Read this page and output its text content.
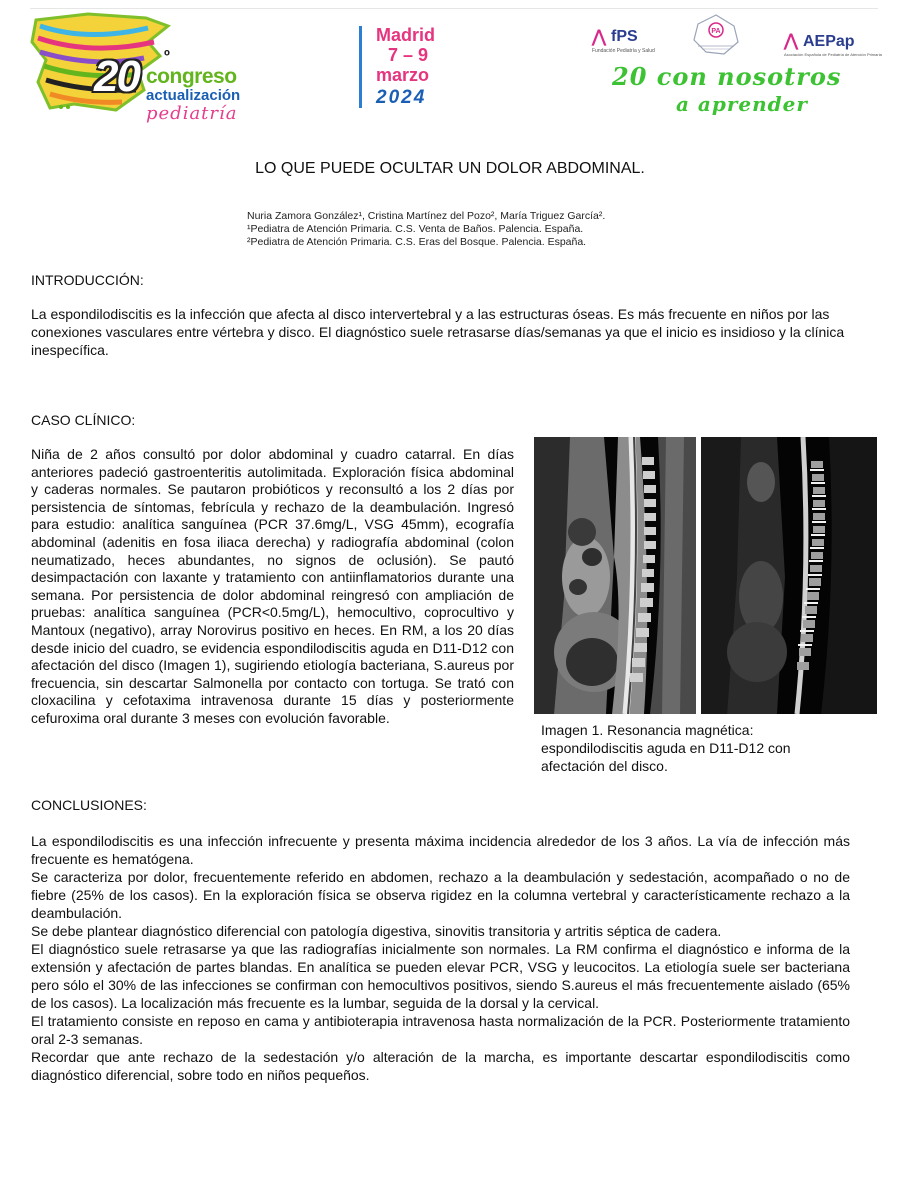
20 º
congreso
actualización
pediatría
Madrid
7 – 9
marzo
2024
⋀ fPS
Fundación Pediatría y Salud
PA	⋀ AEPap
Asociación Española de Pediatría de Atención Primaria
20 con nosotros
a aprender
LO QUE PUEDE OCULTAR UN DOLOR ABDOMINAL.
Nuria Zamora González¹, Cristina Martínez del Pozo², María Triguez García².
¹Pediatra de Atención Primaria. C.S. Venta de Baños. Palencia. España.
²Pediatra de Atención Primaria. C.S. Eras del Bosque. Palencia. España.
INTRODUCCIÓN:
La espondilodiscitis es la infección que afecta al disco intervertebral y a las estructuras óseas. Es más frecuente en niños por las conexiones vasculares entre vértebra y disco. El diagnóstico suele retrasarse días/semanas ya que el inicio es insidioso y la clínica inespecífica.
CASO CLÍNICO:
Niña de 2 años consultó por dolor abdominal y cuadro catarral. En días anteriores padeció gastroenteritis autolimitada. Exploración física abdominal y caderas normales. Se pautaron probióticos y reconsultó a los 2 días por persistencia de síntomas, febrícula y rechazo de la deambulación. Ingresó para estudio: analítica sanguínea (PCR 37.6mg/L, VSG 45mm), ecografía abdominal (adenitis en fosa iliaca derecha) y radiografía abdominal (colon neumatizado, heces abundantes, no signos de oclusión). Se pautó desimpactación con laxante y tratamiento con antiinflamatorios durante una semana. Por persistencia de dolor abdominal reingresó con ampliación de pruebas: analítica sanguínea (PCR<0.5mg/L), hemocultivo, coprocultivo y Mantoux (negativo), array Norovirus positivo en heces. En RM, a los 20 días desde inicio del cuadro, se evidencia espondilodiscitis aguda en D11-D12 con afectación del disco (Imagen 1), sugiriendo etiología bacteriana, S.aureus por frecuencia, sin descartar Salmonella por contacto con tortuga. Se trató con cloxacilina y cefotaxima intravenosa durante 15 días y posteriormente cefuroxima oral durante 3 meses con evolución favorable.
Imagen 1. Resonancia magnética: espondilodiscitis aguda en D11-D12 con afectación del disco.
CONCLUSIONES:

La espondilodiscitis es una infección infrecuente y presenta máxima incidencia alrededor de los 3 años. La vía de infección más frecuente es hematógena.

Se caracteriza por dolor, frecuentemente referido en abdomen, rechazo a la deambulación y sedestación, acompañado o no de fiebre (25% de los casos). En la exploración física se observa rigidez en la columna vertebral y característicamente rechazo a la deambulación.

Se debe plantear diagnóstico diferencial con patología digestiva, sinovitis transitoria y artritis séptica de cadera.

El diagnóstico suele retrasarse ya que las radiografías inicialmente son normales. La RM confirma el diagnóstico e informa de la extensión y afectación de partes blandas. En analítica se pueden elevar PCR, VSG y leucocitos. La etiología suele ser bacteriana pero sólo el 30% de las infecciones se confirman con hemocultivos positivos, siendo S.aureus el más frecuentemente aislado (65% de los casos). La localización más frecuente es la lumbar, seguida de la dorsal y la cervical.

El tratamiento consiste en reposo en cama y antibioterapia intravenosa hasta normalización de la PCR. Posteriormente tratamiento oral 2-3 semanas.

Recordar que ante rechazo de la sedestación y/o alteración de la marcha, es importante descartar espondilodiscitis como diagnóstico diferencial, sobre todo en niños pequeños.
